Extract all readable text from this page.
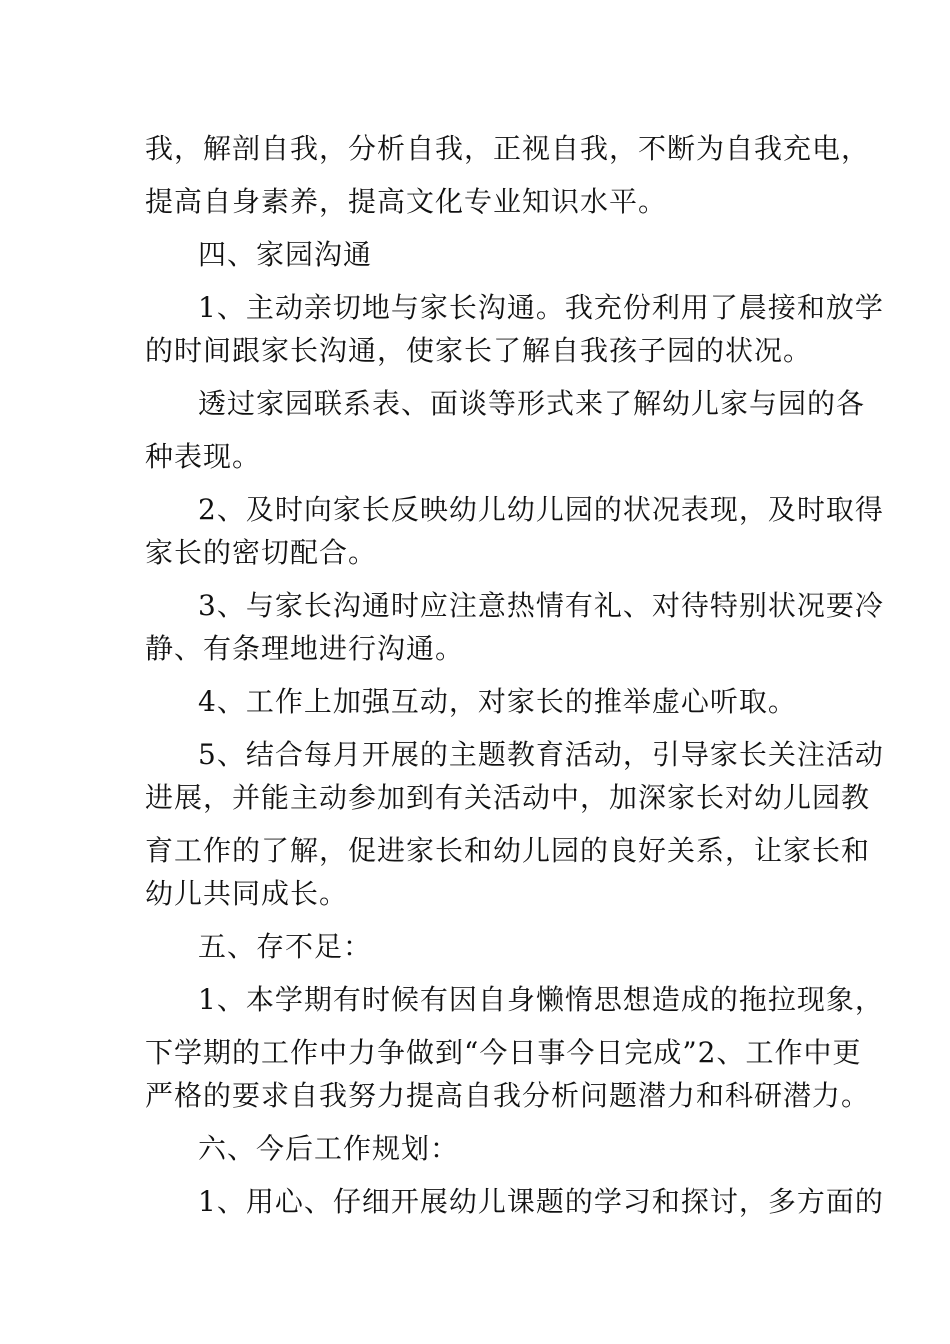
我，解剖自我，分析自我，正视自我，不断为自我充电，
提高自身素养，提高文化专业知识水平。
四、家园沟通
1、主动亲切地与家长沟通。我充份利用了晨接和放学
的时间跟家长沟通，使家长了解自我孩子园的状况。
透过家园联系表、面谈等形式来了解幼儿家与园的各
种表现。
2、及时向家长反映幼儿幼儿园的状况表现，及时取得
家长的密切配合。
3、与家长沟通时应注意热情有礼、对待特别状况要冷
静、有条理地进行沟通。
4、工作上加强互动，对家长的推举虚心听取。
5、结合每月开展的主题教育活动，引导家长关注活动
进展，并能主动参加到有关活动中，加深家长对幼儿园教
育工作的了解，促进家长和幼儿园的良好关系，让家长和
幼儿共同成长。
五、存不足：
1、本学期有时候有因自身懒惰思想造成的拖拉现象，
下学期的工作中力争做到“今日事今日完成”2、工作中更
严格的要求自我努力提高自我分析问题潜力和科研潜力。
六、今后工作规划：
1、用心、仔细开展幼儿课题的学习和探讨，多方面的
